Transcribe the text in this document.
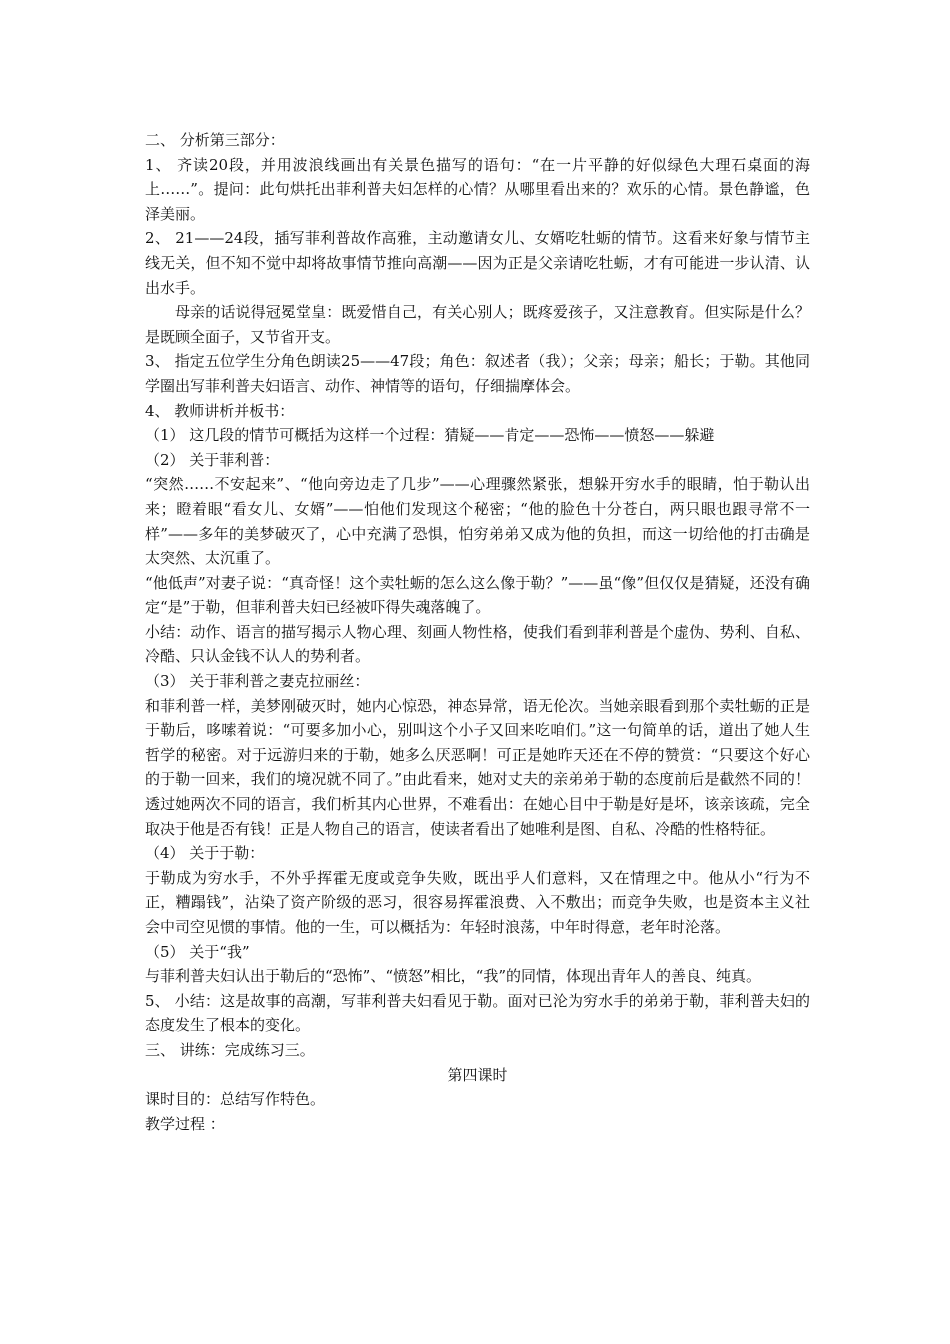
二、 分析第三部分：

1、 齐读20段，并用波浪线画出有关景色描写的语句：“在一片平静的好似绿色大理石桌面的海上……”。提问：此句烘托出菲利普夫妇怎样的心情？从哪里看出来的？欢乐的心情。景色静谧，色泽美丽。

2、 21——24段，插写菲利普故作高雅，主动邀请女儿、女婿吃牡蛎的情节。这看来好象与情节主线无关，但不知不觉中却将故事情节推向高潮——因为正是父亲请吃牡蛎，才有可能进一步认清、认出水手。

母亲的话说得冠冕堂皇：既爱惜自己，有关心别人；既疼爱孩子，又注意教育。但实际是什么？是既顾全面子，又节省开支。

3、 指定五位学生分角色朗读25——47段；角色：叙述者（我）；父亲；母亲；船长；于勒。其他同学圈出写菲利普夫妇语言、动作、神情等的语句，仔细揣摩体会。

4、 教师讲析并板书：

（1） 这几段的情节可概括为这样一个过程：猜疑——肯定——恐怖——愤怒——躲避

（2） 关于菲利普：

“突然……不安起来”、“他向旁边走了几步”——心理骤然紧张，想躲开穷水手的眼睛，怕于勒认出来；瞪着眼“看女儿、女婿”——怕他们发现这个秘密；“他的脸色十分苍白，两只眼也跟寻常不一样”——多年的美梦破灭了，心中充满了恐惧，怕穷弟弟又成为他的负担，而这一切给他的打击确是太突然、太沉重了。

“他低声”对妻子说：“真奇怪！这个卖牡蛎的怎么这么像于勒？”——虽“像”但仅仅是猜疑，还没有确定“是”于勒，但菲利普夫妇已经被吓得失魂落魄了。

小结：动作、语言的描写揭示人物心理、刻画人物性格，使我们看到菲利普是个虚伪、势利、自私、冷酷、只认金钱不认人的势利者。

（3） 关于菲利普之妻克拉丽丝：

和菲利普一样，美梦刚破灭时，她内心惊恐，神态异常，语无伦次。当她亲眼看到那个卖牡蛎的正是于勒后，哆嗦着说：“可要多加小心，别叫这个小子又回来吃咱们。”这一句简单的话，道出了她人生哲学的秘密。对于远游归来的于勒，她多么厌恶啊！可正是她昨天还在不停的赞赏：“只要这个好心的于勒一回来，我们的境况就不同了。”由此看来，她对丈夫的亲弟弟于勒的态度前后是截然不同的！透过她两次不同的语言，我们析其内心世界，不难看出：在她心目中于勒是好是坏，该亲该疏，完全取决于他是否有钱！正是人物自己的语言，使读者看出了她唯利是图、自私、冷酷的性格特征。

（4） 关于于勒：

于勒成为穷水手，不外乎挥霍无度或竞争失败，既出乎人们意料，又在情理之中。他从小“行为不正，糟蹋钱”，沾染了资产阶级的恶习，很容易挥霍浪费、入不敷出；而竞争失败，也是资本主义社会中司空见惯的事情。他的一生，可以概括为：年轻时浪荡，中年时得意，老年时沦落。

（5） 关于“我”

与菲利普夫妇认出于勒后的“恐怖”、“愤怒”相比，“我”的同情，体现出青年人的善良、纯真。

5、 小结：这是故事的高潮，写菲利普夫妇看见于勒。面对已沦为穷水手的弟弟于勒，菲利普夫妇的态度发生了根本的变化。

三、 讲练：完成练习三。

第四课时

课时目的：总结写作特色。

教学过程 ：
